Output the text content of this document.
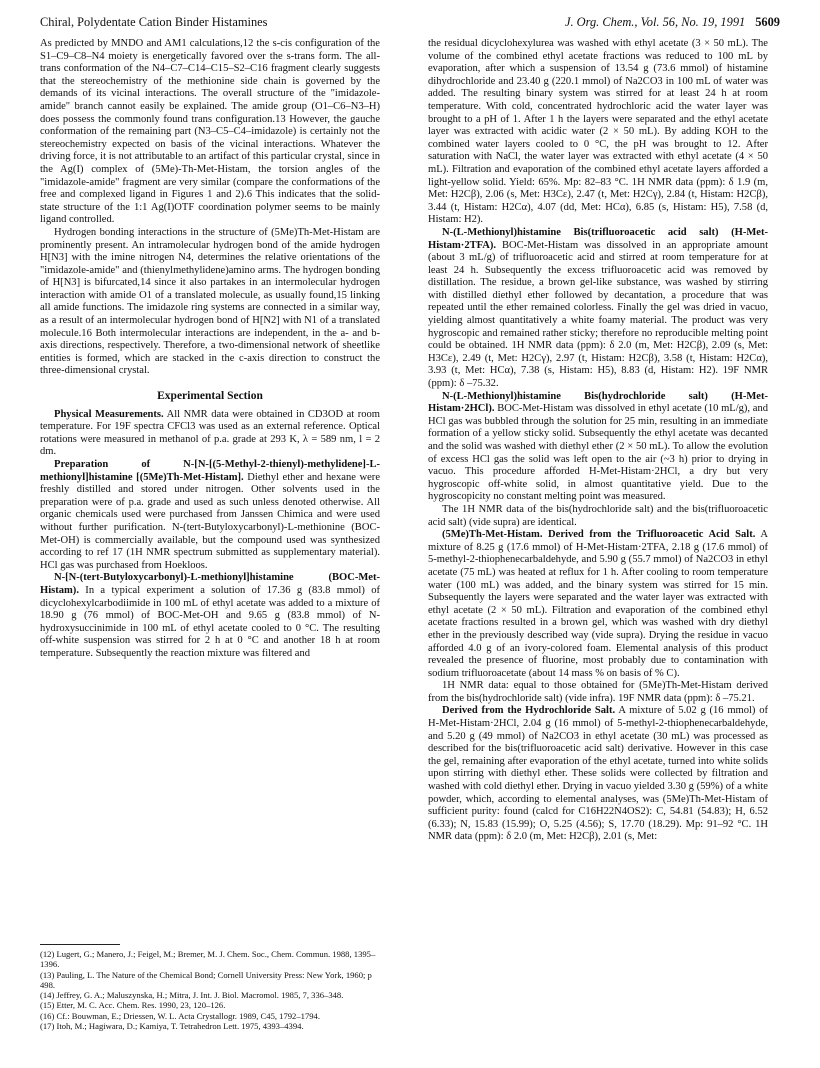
Chiral, Polydentate Cation Binder Histamines	J. Org. Chem., Vol. 56, No. 19, 1991 5609

As predicted by MNDO and AM1 calculations,12 the s-cis configuration of the S1–C9–C8–N4 moiety is energetically favored over the s-trans form. The all-trans conformation of the N4–C7–C14–C15–S2–C16 fragment clearly suggests that the stereochemistry of the methionine side chain is governed by the demands of its vicinal interactions. The overall structure of the "imidazole-amide" branch cannot easily be explained. The amide group (O1–C6–N3–H) does possess the commonly found trans configuration.13 However, the gauche conformation of the remaining part (N3–C5–C4–imidazole) is certainly not the stereochemistry expected on basis of the vicinal interactions. Whatever the driving force, it is not attributable to an artifact of this particular crystal, since in the Ag(I) complex of (5Me)-Th-Met-Histam, the torsion angles of the "imidazole-amide" fragment are very similar (compare the conformations of the free and complexed ligand in Figures 1 and 2).6 This indicates that the solid-state structure of the 1:1 Ag(I)OTF coordination polymer seems to be mainly ligand controlled.

Hydrogen bonding interactions in the structure of (5Me)Th-Met-Histam are prominently present. An intramolecular hydrogen bond of the amide hydrogen H[N3] with the imine nitrogen N4, determines the relative orientations of the "imidazole-amide" and (thienylmethylidene)amino arms. The hydrogen bonding of H[N3] is bifurcated,14 since it also partakes in an intermolecular hydrogen interaction with amide O1 of a translated molecule, as usually found,15 linking all amide functions. The imidazole ring systems are connected in a similar way, as a result of an intermolecular hydrogen bond of H[N2] with N1 of a translated molecule.16 Both intermolecular interactions are independent, in the a- and b-axis directions, respectively. Therefore, a two-dimensional network of sheetlike entities is formed, which are stacked in the c-axis direction to construct the three-dimensional crystal.

Experimental Section

Physical Measurements. All NMR data were obtained in CD3OD at room temperature. For 19F spectra CFCl3 was used as an external reference. Optical rotations were measured in methanol of p.a. grade at 293 K, λ = 589 nm, l = 2 dm.

Preparation of N-[N-[(5-Methyl-2-thienyl)-methylidene]-L-methionyl]histamine [(5Me)Th-Met-Histam]. Diethyl ether and hexane were freshly distilled and stored under nitrogen. Other solvents used in the preparation were of p.a. grade and used as such unless denoted otherwise. All organic chemicals used were purchased from Janssen Chimica and were used without further purification. N-(tert-Butyloxycarbonyl)-L-methionine (BOC-Met-OH) is commercially available, but the compound used was synthesized according to ref 17 (1H NMR spectrum submitted as supplementary material). HCl gas was purchased from Hoekloos.

N-[N-(tert-Butyloxycarbonyl)-L-methionyl]histamine (BOC-Met-Histam). In a typical experiment a solution of 17.36 g (83.8 mmol) of dicyclohexylcarbodiimide in 100 mL of ethyl acetate was added to a mixture of 18.90 g (76 mmol) of BOC-Met-OH and 9.65 g (83.8 mmol) of N-hydroxysuccinimide in 100 mL of ethyl acetate cooled to 0 °C. The resulting off-white suspension was stirred for 2 h at 0 °C and another 18 h at room temperature. Subsequently the reaction mixture was filtered and

(12) Lugert, G.; Manero, J.; Feigel, M.; Bremer, M. J. Chem. Soc., Chem. Commun. 1988, 1395–1396.
(13) Pauling, L. The Nature of the Chemical Bond; Cornell University Press: New York, 1960; p 498.
(14) Jeffrey, G. A.; Maluszynska, H.; Mitra, J. Int. J. Biol. Macromol. 1985, 7, 336–348.
(15) Etter, M. C. Acc. Chem. Res. 1990, 23, 120–126.
(16) Cf.: Bouwman, E.; Driessen, W. L. Acta Crystallogr. 1989, C45, 1792–1794.
(17) Itoh, M.; Hagiwara, D.; Kamiya, T. Tetrahedron Lett. 1975, 4393–4394.

the residual dicyclohexylurea was washed with ethyl acetate (3 × 50 mL). The volume of the combined ethyl acetate fractions was reduced to 100 mL by evaporation, after which a suspension of 13.54 g (73.6 mmol) of histamine dihydrochloride and 23.40 g (220.1 mmol) of Na2CO3 in 100 mL of water was added. The resulting binary system was stirred for at least 24 h at room temperature. With cold, concentrated hydrochloric acid the water layer was brought to a pH of 1. After 1 h the layers were separated and the ethyl acetate layer was extracted with acidic water (2 × 50 mL). By adding KOH to the combined water layers cooled to 0 °C, the pH was brought to 12. After saturation with NaCl, the water layer was extracted with ethyl acetate (4 × 50 mL). Filtration and evaporation of the combined ethyl acetate layers afforded a light-yellow solid. Yield: 65%. Mp: 82–83 °C. 1H NMR data (ppm): δ 1.9 (m, Met: H2Cβ), 2.06 (s, Met: H3Cε), 2.47 (t, Met: H2Cγ), 2.84 (t, Histam: H2Cβ), 3.44 (t, Histam: H2Cα), 4.07 (dd, Met: HCα), 6.85 (s, Histam: H5), 7.58 (d, Histam: H2).

N-(L-Methionyl)histamine Bis(trifluoroacetic acid salt) (H-Met-Histam·2TFA). BOC-Met-Histam was dissolved in an appropriate amount (about 3 mL/g) of trifluoroacetic acid and stirred at room temperature for at least 24 h. Subsequently the excess trifluoroacetic acid was removed by distillation. The residue, a brown gel-like substance, was washed by stirring with distilled diethyl ether followed by decantation, a procedure that was repeated until the ether remained colorless. Finally the gel was dried in vacuo, yielding almost quantitatively a white foamy material. The product was very hygroscopic and remained rather sticky; therefore no reproducible melting point could be obtained. 1H NMR data (ppm): δ 2.0 (m, Met: H2Cβ), 2.09 (s, Met: H3Cε), 2.49 (t, Met: H2Cγ), 2.97 (t, Histam: H2Cβ), 3.58 (t, Histam: H2Cα), 3.93 (t, Met: HCα), 7.38 (s, Histam: H5), 8.83 (d, Histam: H2). 19F NMR (ppm): δ –75.32.

N-(L-Methionyl)histamine Bis(hydrochloride salt) (H-Met-Histam·2HCl). BOC-Met-Histam was dissolved in ethyl acetate (10 mL/g), and HCl gas was bubbled through the solution for 25 min, resulting in an immediate formation of a yellow sticky solid. Subsequently the ethyl acetate was decanted and the solid was washed with diethyl ether (2 × 50 mL). To allow the evolution of excess HCl gas the solid was left open to the air (~3 h) prior to drying in vacuo. This procedure afforded H-Met-Histam·2HCl, a dry but very hygroscopic off-white solid, in almost quantitative yield. Due to the hygroscopicity no constant melting point was measured.

The 1H NMR data of the bis(hydrochloride salt) and the bis(trifluoroacetic acid salt) (vide supra) are identical.

(5Me)Th-Met-Histam. Derived from the Trifluoroacetic Acid Salt. A mixture of 8.25 g (17.6 mmol) of H-Met-Histam·2TFA, 2.18 g (17.6 mmol) of 5-methyl-2-thiophenecarbaldehyde, and 5.90 g (55.7 mmol) of Na2CO3 in ethyl acetate (75 mL) was heated at reflux for 1 h. After cooling to room temperature water (100 mL) was added, and the binary system was stirred for 15 min. Subsequently the layers were separated and the water layer was extracted with ethyl acetate (2 × 50 mL). Filtration and evaporation of the combined ethyl acetate fractions resulted in a brown gel, which was washed with dry diethyl ether in the previously described way (vide supra). Drying the residue in vacuo afforded 4.0 g of an ivory-colored foam. Elemental analysis of this product revealed the presence of fluorine, most probably due to contamination with sodium trifluoroacetate (about 14 mass % on basis of % C).

1H NMR data: equal to those obtained for (5Me)Th-Met-Histam derived from the bis(hydrochloride salt) (vide infra). 19F NMR data (ppm): δ –75.21.

Derived from the Hydrochloride Salt. A mixture of 5.02 g (16 mmol) of H-Met-Histam·2HCl, 2.04 g (16 mmol) of 5-methyl-2-thiophenecarbaldehyde, and 5.20 g (49 mmol) of Na2CO3 in ethyl acetate (30 mL) was processed as described for the bis(trifluoroacetic acid salt) derivative. However in this case the gel, remaining after evaporation of the ethyl acetate, turned into white solids upon stirring with diethyl ether. These solids were collected by filtration and washed with cold diethyl ether. Drying in vacuo yielded 3.30 g (59%) of a white powder, which, according to elemental analyses, was (5Me)Th-Met-Histam of sufficient purity: found (calcd for C16H22N4OS2): C, 54.81 (54.83); H, 6.52 (6.33); N, 15.83 (15.99); O, 5.25 (4.56); S, 17.70 (18.29). Mp: 91–92 °C. 1H NMR data (ppm): δ 2.0 (m, Met: H2Cβ), 2.01 (s, Met:
